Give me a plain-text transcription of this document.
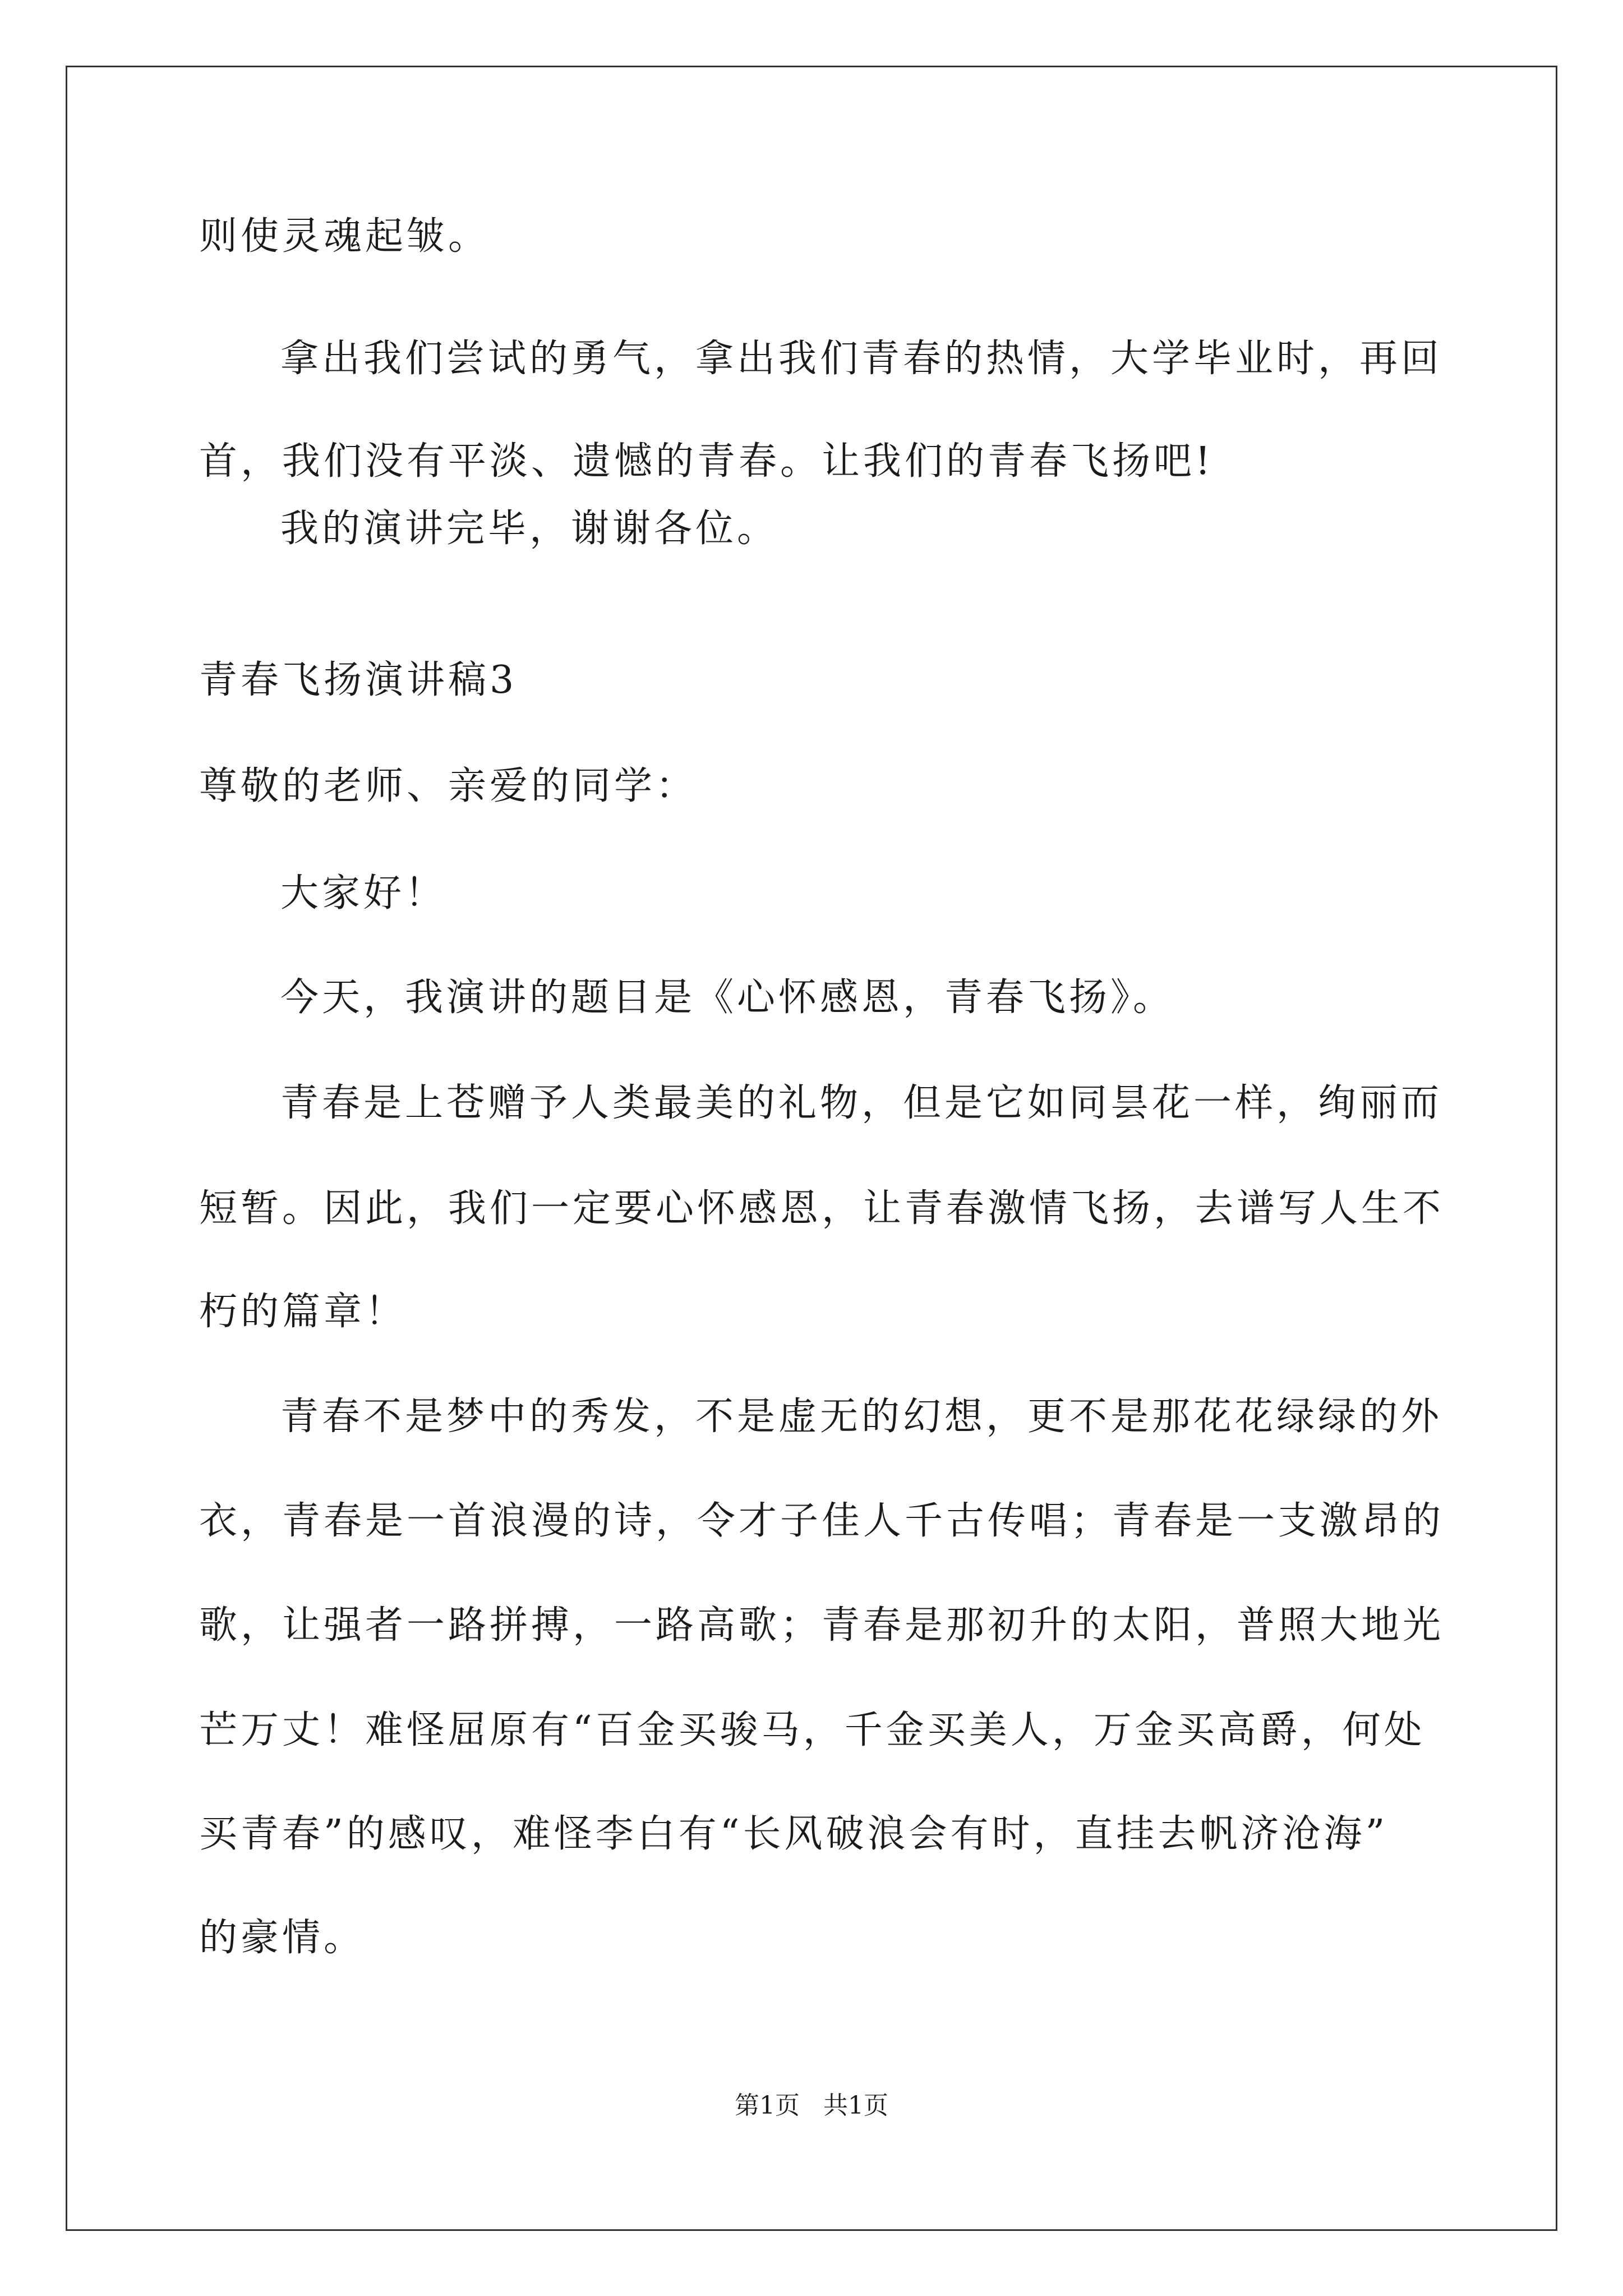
则使灵魂起皱。
拿出我们尝试的勇气，拿出我们青春的热情，大学毕业时，再回
首，我们没有平淡、遗憾的青春。让我们的青春飞扬吧!
我的演讲完毕，谢谢各位。
青春飞扬演讲稿3
尊敬的老师、亲爱的同学：
大家好！
今天，我演讲的题目是《心怀感恩，青春飞扬》。
青春是上苍赠予人类最美的礼物，但是它如同昙花一样，绚丽而
短暂。因此，我们一定要心怀感恩，让青春激情飞扬，去谱写人生不
朽的篇章！
青春不是梦中的秀发，不是虚无的幻想，更不是那花花绿绿的外
衣，青春是一首浪漫的诗，令才子佳人千古传唱；青春是一支激昂的
歌，让强者一路拼搏，一路高歌；青春是那初升的太阳，普照大地光
芒万丈！难怪屈原有“百金买骏马，千金买美人，万金买高爵，何处
买青春”的感叹，难怪李白有“长风破浪会有时，直挂去帆济沧海”
的豪情。
第1页   共1页
